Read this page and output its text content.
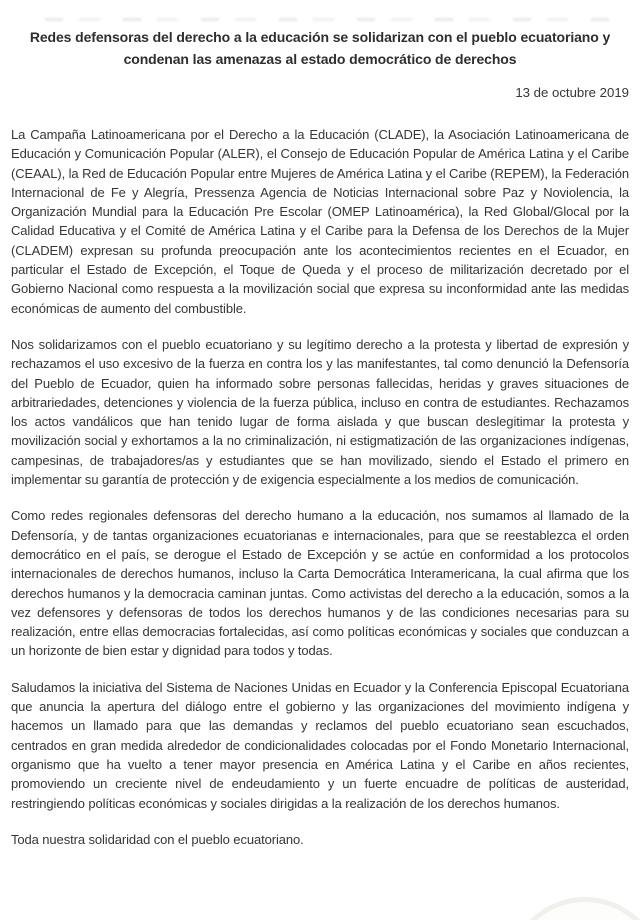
Redes defensoras del derecho a la educación se solidarizan con el pueblo ecuatoriano y condenan las amenazas al estado democrático de derechos
13 de octubre 2019

La Campaña Latinoamericana por el Derecho a la Educación (CLADE), la Asociación Latinoamericana de Educación y Comunicación Popular (ALER), el Consejo de Educación Popular de América Latina y el Caribe (CEAAL), la Red de Educación Popular entre Mujeres de América Latina y el Caribe (REPEM), la Federación Internacional de Fe y Alegría, Pressenza Agencia de Noticias Internacional sobre Paz y Noviolencia, la Organización Mundial para la Educación Pre Escolar (OMEP Latinoamérica), la Red Global/Glocal por la Calidad Educativa y el Comité de América Latina y el Caribe para la Defensa de los Derechos de la Mujer (CLADEM) expresan su profunda preocupación ante los acontecimientos recientes en el Ecuador, en particular el Estado de Excepción, el Toque de Queda y el proceso de militarización decretado por el Gobierno Nacional como respuesta a la movilización social que expresa su inconformidad ante las medidas económicas de aumento del combustible.

Nos solidarizamos con el pueblo ecuatoriano y su legítimo derecho a la protesta y libertad de expresión y rechazamos el uso excesivo de la fuerza en contra los y las manifestantes, tal como denunció la Defensoría del Pueblo de Ecuador, quien ha informado sobre personas fallecidas, heridas y graves situaciones de arbitrariedades, detenciones y violencia de la fuerza pública, incluso en contra de estudiantes. Rechazamos los actos vandálicos que han tenido lugar de forma aislada y que buscan deslegitimar la protesta y movilización social y exhortamos a la no criminalización, ni estigmatización de las organizaciones indígenas, campesinas, de trabajadores/as y estudiantes que se han movilizado, siendo el Estado el primero en implementar su garantía de protección y de exigencia especialmente a los medios de comunicación.

Como redes regionales defensoras del derecho humano a la educación, nos sumamos al llamado de la Defensoría, y de tantas organizaciones ecuatorianas e internacionales, para que se reestablezca el orden democrático en el país, se derogue el Estado de Excepción y se actúe en conformidad a los protocolos internacionales de derechos humanos, incluso la Carta Democrática Interamericana, la cual afirma que los derechos humanos y la democracia caminan juntas. Como activistas del derecho a la educación, somos a la vez defensores y defensoras de todos los derechos humanos y de las condiciones necesarias para su realización, entre ellas democracias fortalecidas, así como políticas económicas y sociales que conduzcan a un horizonte de bien estar y dignidad para todos y todas.

Saludamos la iniciativa del Sistema de Naciones Unidas en Ecuador y la Conferencia Episcopal Ecuatoriana que anuncia la apertura del diálogo entre el gobierno y las organizaciones del movimiento indígena y hacemos un llamado para que las demandas y reclamos del pueblo ecuatoriano sean escuchados, centrados en gran medida alrededor de condicionalidades colocadas por el Fondo Monetario Internacional, organismo que ha vuelto a tener mayor presencia en América Latina y el Caribe en años recientes, promoviendo un creciente nivel de endeudamiento y un fuerte encuadre de políticas de austeridad, restringiendo políticas económicas y sociales dirigidas a la realización de los derechos humanos.

Toda nuestra solidaridad con el pueblo ecuatoriano.
